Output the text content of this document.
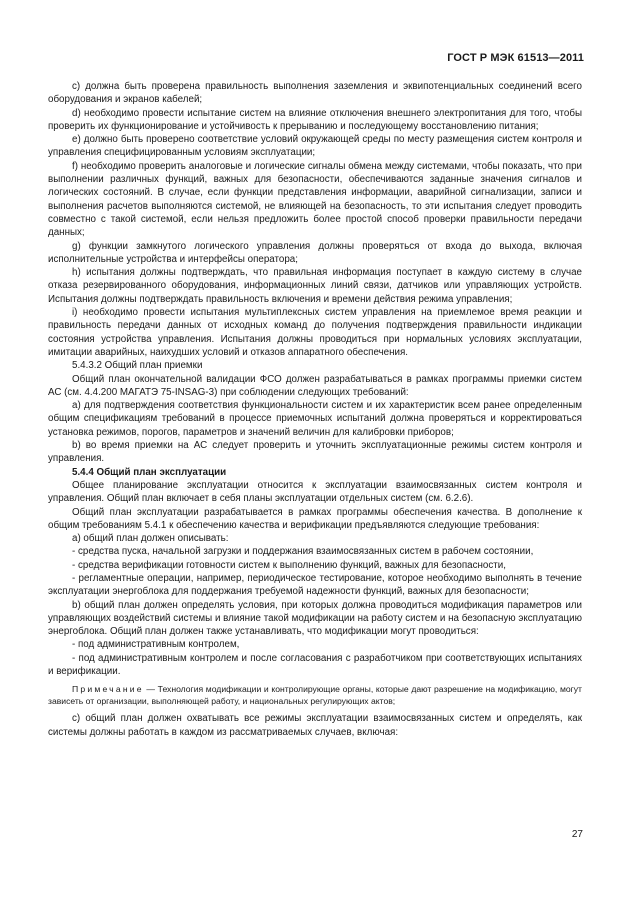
ГОСТ Р МЭК 61513—2011

c) должна быть проверена правильность выполнения заземления и эквипотенциальных соединений всего оборудования и экранов кабелей;

d) необходимо провести испытание систем на влияние отключения внешнего электропитания для того, чтобы проверить их функционирование и устойчивость к прерыванию и последующему восстановлению питания;

e) должно быть проверено соответствие условий окружающей среды по месту размещения систем контроля и управления специфицированным условиям эксплуатации;

f) необходимо проверить аналоговые и логические сигналы обмена между системами, чтобы показать, что при выполнении различных функций, важных для безопасности, обеспечиваются заданные значения сигналов и логических состояний. В случае, если функции представления информации, аварийной сигнализации, записи и выполнения расчетов выполняются системой, не влияющей на безопасность, то эти испытания следует проводить совместно с такой системой, если нельзя предложить более простой способ проверки правильности передачи данных;

g) функции замкнутого логического управления должны проверяться от входа до выхода, включая исполнительные устройства и интерфейсы оператора;

h) испытания должны подтверждать, что правильная информация поступает в каждую систему в случае отказа резервированного оборудования, информационных линий связи, датчиков или управляющих устройств. Испытания должны подтверждать правильность включения и времени действия режима управления;

i) необходимо провести испытания мультиплексных систем управления на приемлемое время реакции и правильность передачи данных от исходных команд до получения подтверждения правильности индикации состояния устройства управления. Испытания должны проводиться при нормальных условиях эксплуатации, имитации аварийных, наихудших условий и отказов аппаратного обеспечения.

5.4.3.2 Общий план приемки

Общий план окончательной валидации ФСО должен разрабатываться в рамках программы приемки систем АС (см. 4.4.200 МАГАТЭ 75-INSAG-3) при соблюдении следующих требований:

a) для подтверждения соответствия функциональности систем и их характеристик всем ранее определенным общим спецификациям требований в процессе приемочных испытаний должна проверяться и корректироваться установка режимов, порогов, параметров и значений величин для калибровки приборов;

b) во время приемки на АС следует проверить и уточнить эксплуатационные режимы систем контроля и управления.

5.4.4 Общий план эксплуатации

Общее планирование эксплуатации относится к эксплуатации взаимосвязанных систем контроля и управления. Общий план включает в себя планы эксплуатации отдельных систем (см. 6.2.6).

Общий план эксплуатации разрабатывается в рамках программы обеспечения качества. В дополнение к общим требованиям 5.4.1 к обеспечению качества и верификации предъявляются следующие требования:

a) общий план должен описывать:

- средства пуска, начальной загрузки и поддержания взаимосвязанных систем в рабочем состоянии,

- средства верификации готовности систем к выполнению функций, важных для безопасности,

- регламентные операции, например, периодическое тестирование, которое необходимо выполнять в течение эксплуатации энергоблока для поддержания требуемой надежности функций, важных для безопасности;

b) общий план должен определять условия, при которых должна проводиться модификация параметров или управляющих воздействий системы и влияние такой модификации на работу систем и на безопасную эксплуатацию энергоблока. Общий план должен также устанавливать, что модификации могут проводиться:

- под административным контролем,

- под административным контролем и после согласования с разработчиком при соответствующих испытаниях и верификации.

Примечание — Технология модификации и контролирующие органы, которые дают разрешение на модификацию, могут зависеть от организации, выполняющей работу, и национальных регулирующих актов;

c) общий план должен охватывать все режимы эксплуатации взаимосвязанных систем и определять, как системы должны работать в каждом из рассматриваемых случаев, включая:

27
